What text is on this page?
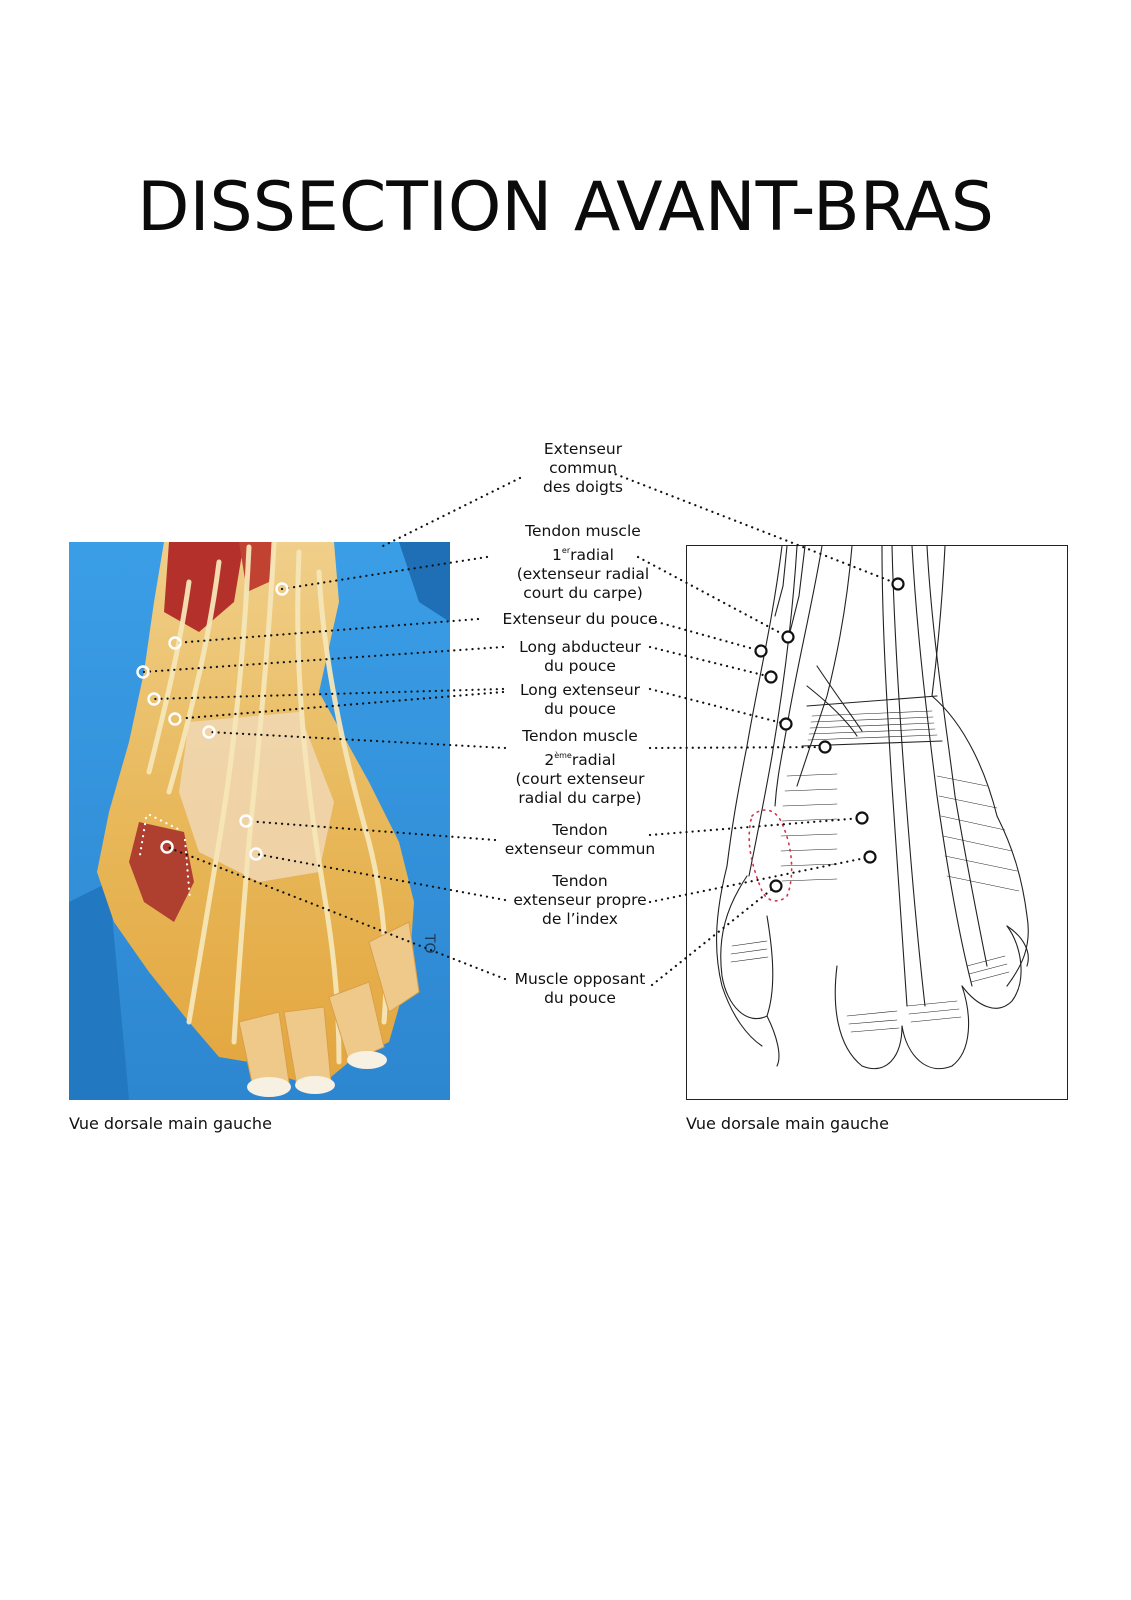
DISSECTION AVANT-BRAS
TO
Vue dorsale main gauche	Vue dorsale main gauche
Extenseur
commun
des doigts
Tendon muscle
1erradial
(extenseur radial
court du carpe)
Extenseur du pouce
Long abducteur
du pouce
Long extenseur
du pouce
Tendon muscle
2èmeradial
(court extenseur
radial du carpe)
Tendon
extenseur commun
Tendon
extenseur propre
de l’index
Muscle opposant
du pouce
